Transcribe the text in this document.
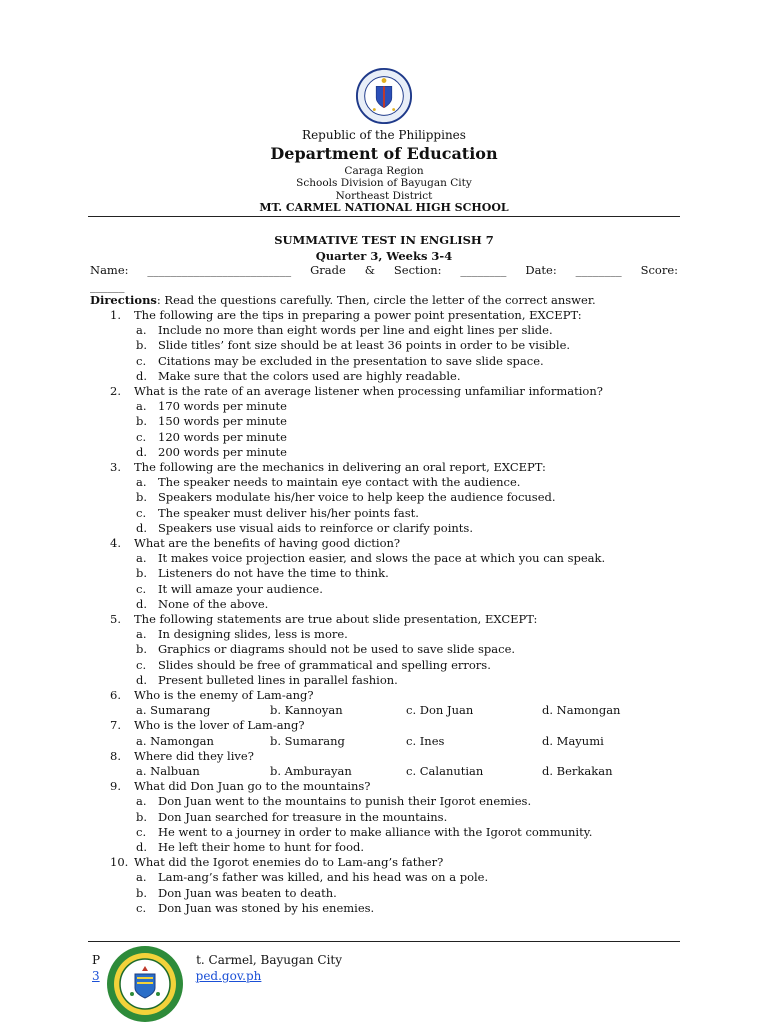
Republic of the Philippines
Department of Education
Caraga Region
Schools Division of Bayugan City
Northeast District
MT. CARMEL NATIONAL HIGH SCHOOL
SUMMATIVE TEST IN ENGLISH 7
Quarter 3, Weeks 3-4
Name: _________________________ Grade & Section: ________ Date: ________ Score:
______
Directions: Read the questions carefully. Then, circle the letter of the correct answer.
1.	The following are the tips in preparing a power point presentation, EXCEPT:
a. Include no more than eight words per line and eight lines per slide.
b. Slide titles’ font size should be at least 36 points in order to be visible.
c. Citations may be excluded in the presentation to save slide space.
d. Make sure that the colors used are highly readable.
2.	What is the rate of an average listener when processing unfamiliar information?
a. 170 words per minute
b. 150 words per minute
c. 120 words per minute
d. 200 words per minute
3.	The following are the mechanics in delivering an oral report, EXCEPT:
a. The speaker needs to maintain eye contact with the audience.
b. Speakers modulate his/her voice to help keep the audience focused.
c. The speaker must deliver his/her points fast.
d. Speakers use visual aids to reinforce or clarify points.
4.	What are the benefits of having good diction?
a. It makes voice projection easier, and slows the pace at which you can speak.
b. Listeners do not have the time to think.
c. It will amaze your audience.
d. None of the above.
5.	The following statements are true about slide presentation, EXCEPT:
a. In designing slides, less is more.
b. Graphics or diagrams should not be used to save slide space.
c. Slides should be free of grammatical and spelling errors.
d. Present bulleted lines in parallel fashion.
6.	Who is the enemy of Lam-ang?
a. Sumarang	b. Kannoyan	c. Don Juan	d. Namongan
7.	Who is the lover of Lam-ang?
a. Namongan	b. Sumarang	c. Ines	d. Mayumi
8.	Where did they live?
a. Nalbuan	b. Amburayan	c. Calanutian	d. Berkakan
9.	What did Don Juan go to the mountains?
a. Don Juan went to the mountains to punish their Igorot enemies.
b. Don Juan searched for treasure in the mountains.
c. He went to a journey in order to make alliance with the Igorot community.
d. He left their home to hunt for food.
10. What did the Igorot enemies do to Lam-ang’s father?
a. Lam-ang’s father was killed, and his head was on a pole.
b. Don Juan was beaten to death.
c. Don Juan was stoned by his enemies.
P	t. Carmel, Bayugan City
3	ped.gov.ph
